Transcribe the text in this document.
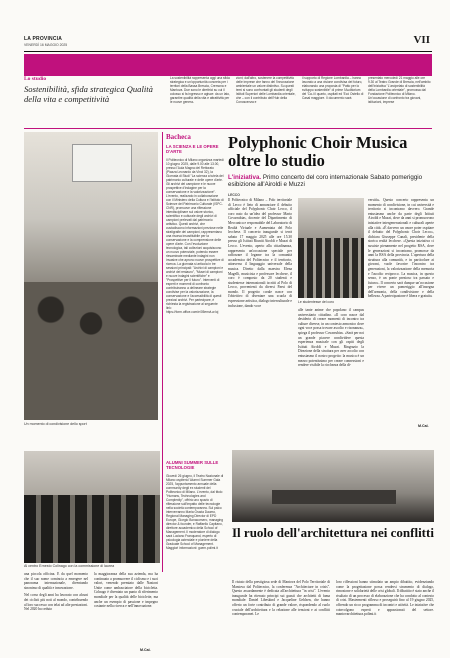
LA PROVINCIA
VENERDÌ 16 MAGGIO 2025	VII
Lo studio
Sostenibilità, sfida strategica Qualità della vita e competitività
La sostenibilità rappresenta oggi una sfida strategica e un'opportunità concreta per i territori della Bassa Brescia, Cremona e Mantova. Due sono le direttrici su cui il colosso si fa ingresso e agisce: da un lato, garantire qualità della vita e attrattività per le nuove genera-
zioni; dall'altro, sostenere la competitività delle imprese che fanno del l'innovazione ambientale un valore distintivo. Su questi temi si sono confrontati gli studenti degli Istituti Superiori delle Lombardia orientale, che – con il contributo dell'Hub della Conoscenza e
il supporto di Regione Lombardia – hanno lavorato a una visione condivisa del futuro, elaborando una proposta di "Patto per lo sviluppo sostenibile" di prime l'Auditorium del 'Ca-i il quarto, ospitati ed 'Ecò Ostello di Casal maggiore. Il documento sarà
presentato mercoledì 21 maggio alle ore 9.30 al Teatro Grande di Brescia, nell'ambito dell'iniziativa "L'arcipelato di sostenibilità della Lombardia orientale", promossa dal Fondazione Politecnico di Milano. Un'occasione di confronto tra giovani, istituzioni, imprese
Un momento di condivisione dello sport
Al centro Ernesto Colinago con la commissione di laurea

una piccola officina. E da quel momento che il suo nome comincia a emergere nel panorama internazionale, diventando sinonimo di qualità e innovazione.

Nel corso degli anni ha lavorato con alcuni dei ciclisti più noti al mondo, contribuendo al loro successo con telai ad alte prestazioni. Nel 2020 ha ceduto

la maggioranza della sua azienda, ma ha continuato a promuovere il ciclismo e i suoi valori, venendo premiato dalle Nazioni Unite come ambasciatore della bicicletta. Colnago è diventato un punto di riferimento mondiale per la qualità delle biciclette, ma anche un esempio di passione e impegno costante nella ricerca e nell'innovazione.
M.Cal.
Bacheca
LA SCIENZA E LE OPERE D'ARTE
Il Politecnico di Milano organizza martedì 10 giugno 2025, dalle 9.00 alle 13.00, presso l'Aula Magna del Rettorato (Piazza Leonardo da Vinci 32), la Giornata di Studi "La scienza a tutela del patrimonio culturale e delle opere d'arte. Gli archivi del campione e le nuove prospettive d'indagine per la conservazione e la valorizzazione". L'evento, realizzato in collaborazione con il Ministero della Cultura e l'Istituto di Scienze del Patrimonio Culturale (ISPC-CNR), promuove una riflessione interdisciplinare sul valore storico, scientifico e culturale degli archivi di campioni prelevati dal patrimonio artistico. Questi archivi, che custodiscono informazioni preziose nelle stratigrafie dei campioni, rappresentano una risorsa insostituibile per la conservazione e la comprensione delle opere d'arte. Con l'evoluzione tecnologica, tali collezioni acquisiscono un nuovo potenziale, potendo essere riesaminate mediante indagini non invasive che aprono nuove prospettive di ricerca. La giornata si articola in tre sessioni principali: "Archivi di campioni e archivi del restauro", "Musei di campioni e nuove indagini scientifiche" e "Prospettive per il futuro". Interventi di esperti e momenti di confronto contribuiranno a delineare strategie condivise per la valorizzazione, la conservazione e l'accessibilità di questi preziosi archivi. Per partecipare, è richiesta la registrazione al seguente link: https://form.office.com/e/05emvLw.loj
ALUMNI SUMMER SULLE TECNOLOGIE
Giovedì 26 giugno, il Teatro Nazionale di Milano ospiterà l'Alumni Summer Gala 2025, l'appuntamento annuale della community degli ex studenti del Politecnico di Milano. L'evento, dal titolo "Humans, Technologies and Complexity", offrirà uno spazio di riflessione sull'impatto delle tecnologie nella società contemporanea. Sul palco interverranno Maria Grazia Daumo, Regional Managing Director di EPD Europe, Giorgio Bonacorsero, managing director & founder, e Raffaello Capitano, direttore accademico della School of Management. Il moderatore di dialogo sarà Luciano Franquand, esperto di psicologia aziendale e pioniere della Graduate School of Management. Maggiori informazioni: guem.polimi.it
Polyphonic Choir Musica oltre lo studio
L'iniziativa. Primo concerto del coro internazionale Sabato pomeriggio esibizione all'Airoldi e Muzzi
LECCO
Il Politecnico di Milano – Polo territoriale di Lecco è lieto di annunciare il debutto ufficiale del Polyphonic Choir Lecco, il coro nato da un'idea del professor Mario Covarrubias, docente del Dipartimento di Meccanica e responsabile del Laboratorio di Realtà Virtuale e Aumentata del Polo lecchese. Il concerto inaugurale si terrà sabato 17 maggio 2025 alle ore 15.30 presso gli Istituti Riuniti Airoldi e Muzzi di Lecco. L'evento, aperto alla cittadinanza, rappresenta un'occasione speciale per rafforzare il legame tra la comunità accademica del Politecnico e il territorio, attraverso il linguaggio universale della musica. Diretto dalla maestra Elena Magelli, musicista e professore lecchese, il coro è composto da 20 studenti e studentesse internazionali iscritti al Polo di Lecco, provenienti da diversi Paesi del mondo. Il progetto corale nasce con l'obiettivo di diventare una scuola di espressione artistica, dialogo interculturale e inclusione, dando voce
Le studentesse del coro
alle tante anime che popolano il campus universitario cittadino. «Il coro nasce dal desiderio di creare momenti di incontro tra culture diverse, in un contesto armonico dove ogni voce possa trovare ascolto e risonanza», spiega il professor Covarrubias. «Sarà per noi un grande piacere condividere questa esperienza musicale con gli ospiti degli Istituti Airoldi e Muzzi. Ringrazio la Direzione della struttura per aver accolto con entusiasmo il nostro progetto: la musica è un mezzo potentissimo per creare connessioni e rendere visibile la ricchezza della di-
versità». Questo concerto rappresenta un momento di condivisione, in cui università e territorio si incontrano davvero. Grande entusiasmo anche da parte degli Istituti Airoldi e Muzzi, dove da anni si promuovono iniziative intergenerazionali e culturali aperte alla città. «È davvero un onore poter ospitare il debutto del Polyphonic Choir Lecco», dichiara Giuseppe Canali, presidente della storica realtà lecchese. «Questa iniziativa ci sussiste pienamente nel progetto RSA, dove le generazioni si incontrano, promosse da anni la RSA della provincia. L'apertura della struttura alla comunità, e in particolare ai giovani, vuole favorire l'incontro tra generazioni, la valorizzazione della memoria e l'ascolto reciproco. La musica, in questo senso, è un ponte prezioso tra passato e futuro». Il concerto sarà dunque un'occasione per vivere un pomeriggio all'insegna dell'armonia, della condivisione e della bellezza. A partecipazione è libera e gratuita.
M.Cal.
Il ruolo dell'architettura nei conflitti
Il ristato della prestigiosa sede di Mantova del Polo Territoriale di Mantova dal Politecnico, la conferenza "Architecture in crisis". Questo assurdamente è dedicata all'architettura "in crisi". L'evento inaugurale ha ritenuto principi sui guasti che architetti di fama mondiale: Daniel Libeskind e Jacqueline Gehlsen, che hanno offerto un forte contributo di grande valore, rispondendo al ruolo cruciale dell'architettura e la relazione alle tensioni e ai conflitti contemporanei. Le
loro riflessioni hanno stimolato un ampio dibattito, evidenziando come la progettazione possa rendersi strumento di dialogo, rimozione e solidarietà delle crisi globali. Il dibattito è stato anche il risultato di un processo di elaborazione che ha condotto al contesto di crisi. Mastermenti riflesso e proseguirà fino al 19 giugno 2025, offrendo un ricco programma di incontri e attività. Le iniziative che coinvolgono esperti e appassionati del settore. mantovarchitettura.polimi.it
